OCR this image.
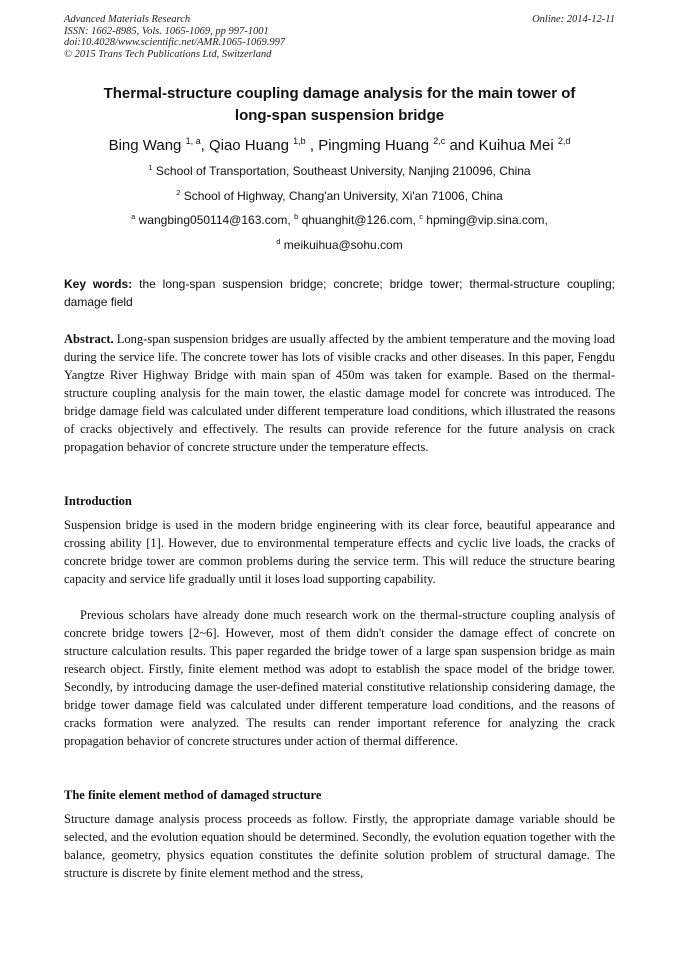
Advanced Materials Research
ISSN: 1662-8985, Vols. 1065-1069, pp 997-1001
doi:10.4028/www.scientific.net/AMR.1065-1069.997
© 2015 Trans Tech Publications Ltd, Switzerland
Online: 2014-12-11
Thermal-structure coupling damage analysis for the main tower of
long-span suspension bridge
Bing Wang $^{1, a}$, Qiao Huang $^{1,b}$ , Pingming Huang $^{2,c}$ and Kuihua Mei $^{2,d}$
$^1$ School of Transportation, Southeast University, Nanjing 210096, China
$^2$ School of Highway, Chang'an University, Xi'an 71006, China
$^a$ wangbing050114@163.com, $^b$ qhuanghit@126.com, $^c$ hpming@vip.sina.com,
$^d$ meikuihua@sohu.com
Key words: the long-span suspension bridge; concrete; bridge tower; thermal-structure coupling; damage field
Abstract. Long-span suspension bridges are usually affected by the ambient temperature and the moving load during the service life. The concrete tower has lots of visible cracks and other diseases. In this paper, Fengdu Yangtze River Highway Bridge with main span of 450m was taken for example. Based on the thermal-structure coupling analysis for the main tower, the elastic damage model for concrete was introduced. The bridge damage field was calculated under different temperature load conditions, which illustrated the reasons of cracks objectively and effectively. The results can provide reference for the future analysis on crack propagation behavior of concrete structure under the temperature effects.
Introduction
Suspension bridge is used in the modern bridge engineering with its clear force, beautiful appearance and crossing ability [1]. However, due to environmental temperature effects and cyclic live loads, the cracks of concrete bridge tower are common problems during the service term. This will reduce the structure bearing capacity and service life gradually until it loses load supporting capability.
Previous scholars have already done much research work on the thermal-structure coupling analysis of concrete bridge towers [2~6]. However, most of them didn't consider the damage effect of concrete on structure calculation results. This paper regarded the bridge tower of a large span suspension bridge as main research object. Firstly, finite element method was adopt to establish the space model of the bridge tower. Secondly, by introducing damage the user-defined material constitutive relationship considering damage, the bridge tower damage field was calculated under different temperature load conditions, and the reasons of cracks formation were analyzed. The results can render important reference for analyzing the crack propagation behavior of concrete structures under action of thermal difference.
The finite element method of damaged structure
Structure damage analysis process proceeds as follow. Firstly, the appropriate damage variable should be selected, and the evolution equation should be determined. Secondly, the evolution equation together with the balance, geometry, physics equation constitutes the definite solution problem of structural damage. The structure is discrete by finite element method and the stress,
